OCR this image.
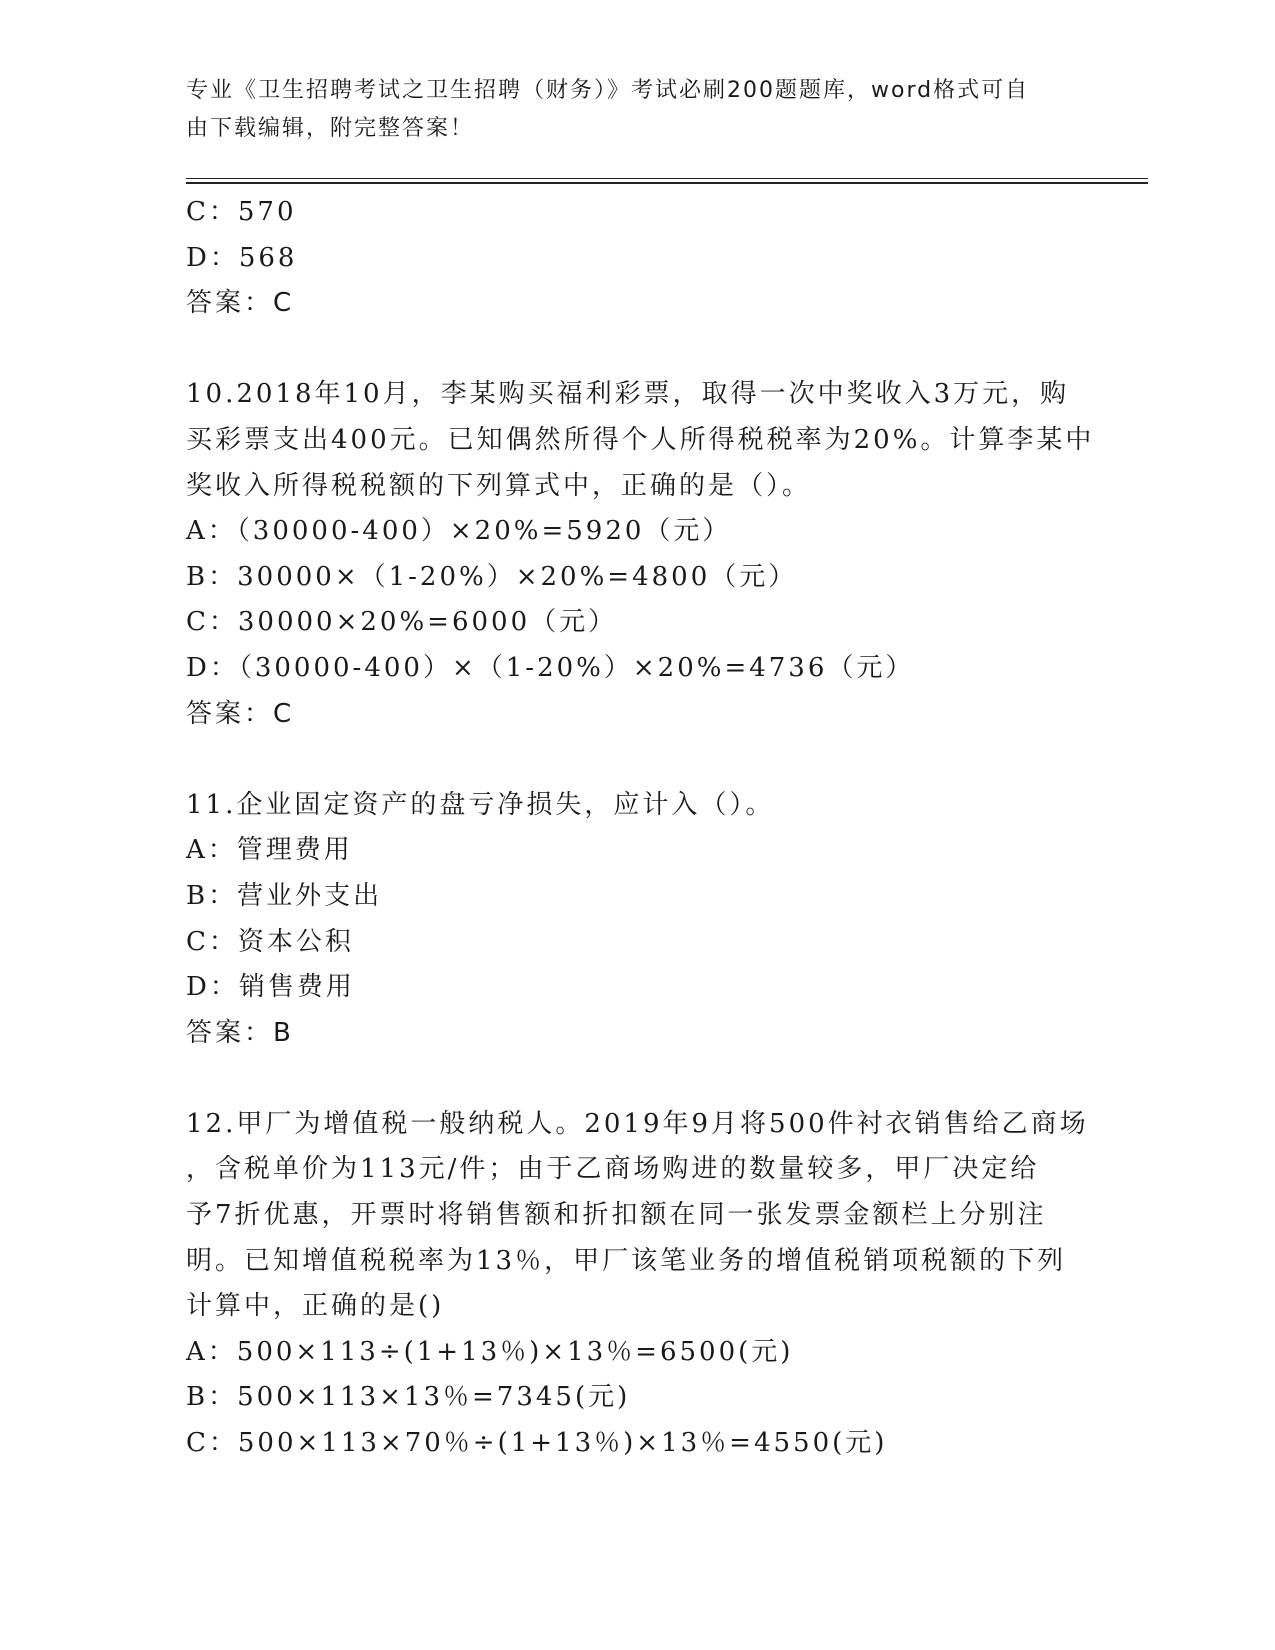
专业《卫生招聘考试之卫生招聘（财务）》考试必刷200题题库，word格式可自
由下载编辑，附完整答案！
C：570
D：568
答案：C
10.2018年10月，李某购买福利彩票，取得一次中奖收入3万元，购
买彩票支出400元。已知偶然所得个人所得税税率为20%。计算李某中
奖收入所得税税额的下列算式中，正确的是（）。
A：（30000-400）×20%=5920（元）
B：30000×（1-20%）×20%=4800（元）
C：30000×20%=6000（元）
D：（30000-400）×（1-20%）×20%=4736（元）
答案：C
11.企业固定资产的盘亏净损失，应计入（）。
A：管理费用
B：营业外支出
C：资本公积
D：销售费用
答案：B
12.甲厂为增值税一般纳税人。2019年9月将500件衬衣销售给乙商场
，含税单价为113元/件；由于乙商场购进的数量较多，甲厂决定给
予7折优惠，开票时将销售额和折扣额在同一张发票金额栏上分别注
明。已知增值税税率为13％，甲厂该笔业务的增值税销项税额的下列
计算中，正确的是()
A：500×113÷(1+13％)×13％=6500(元)
B：500×113×13％=7345(元)
C：500×113×70％÷(1+13％)×13％=4550(元)
